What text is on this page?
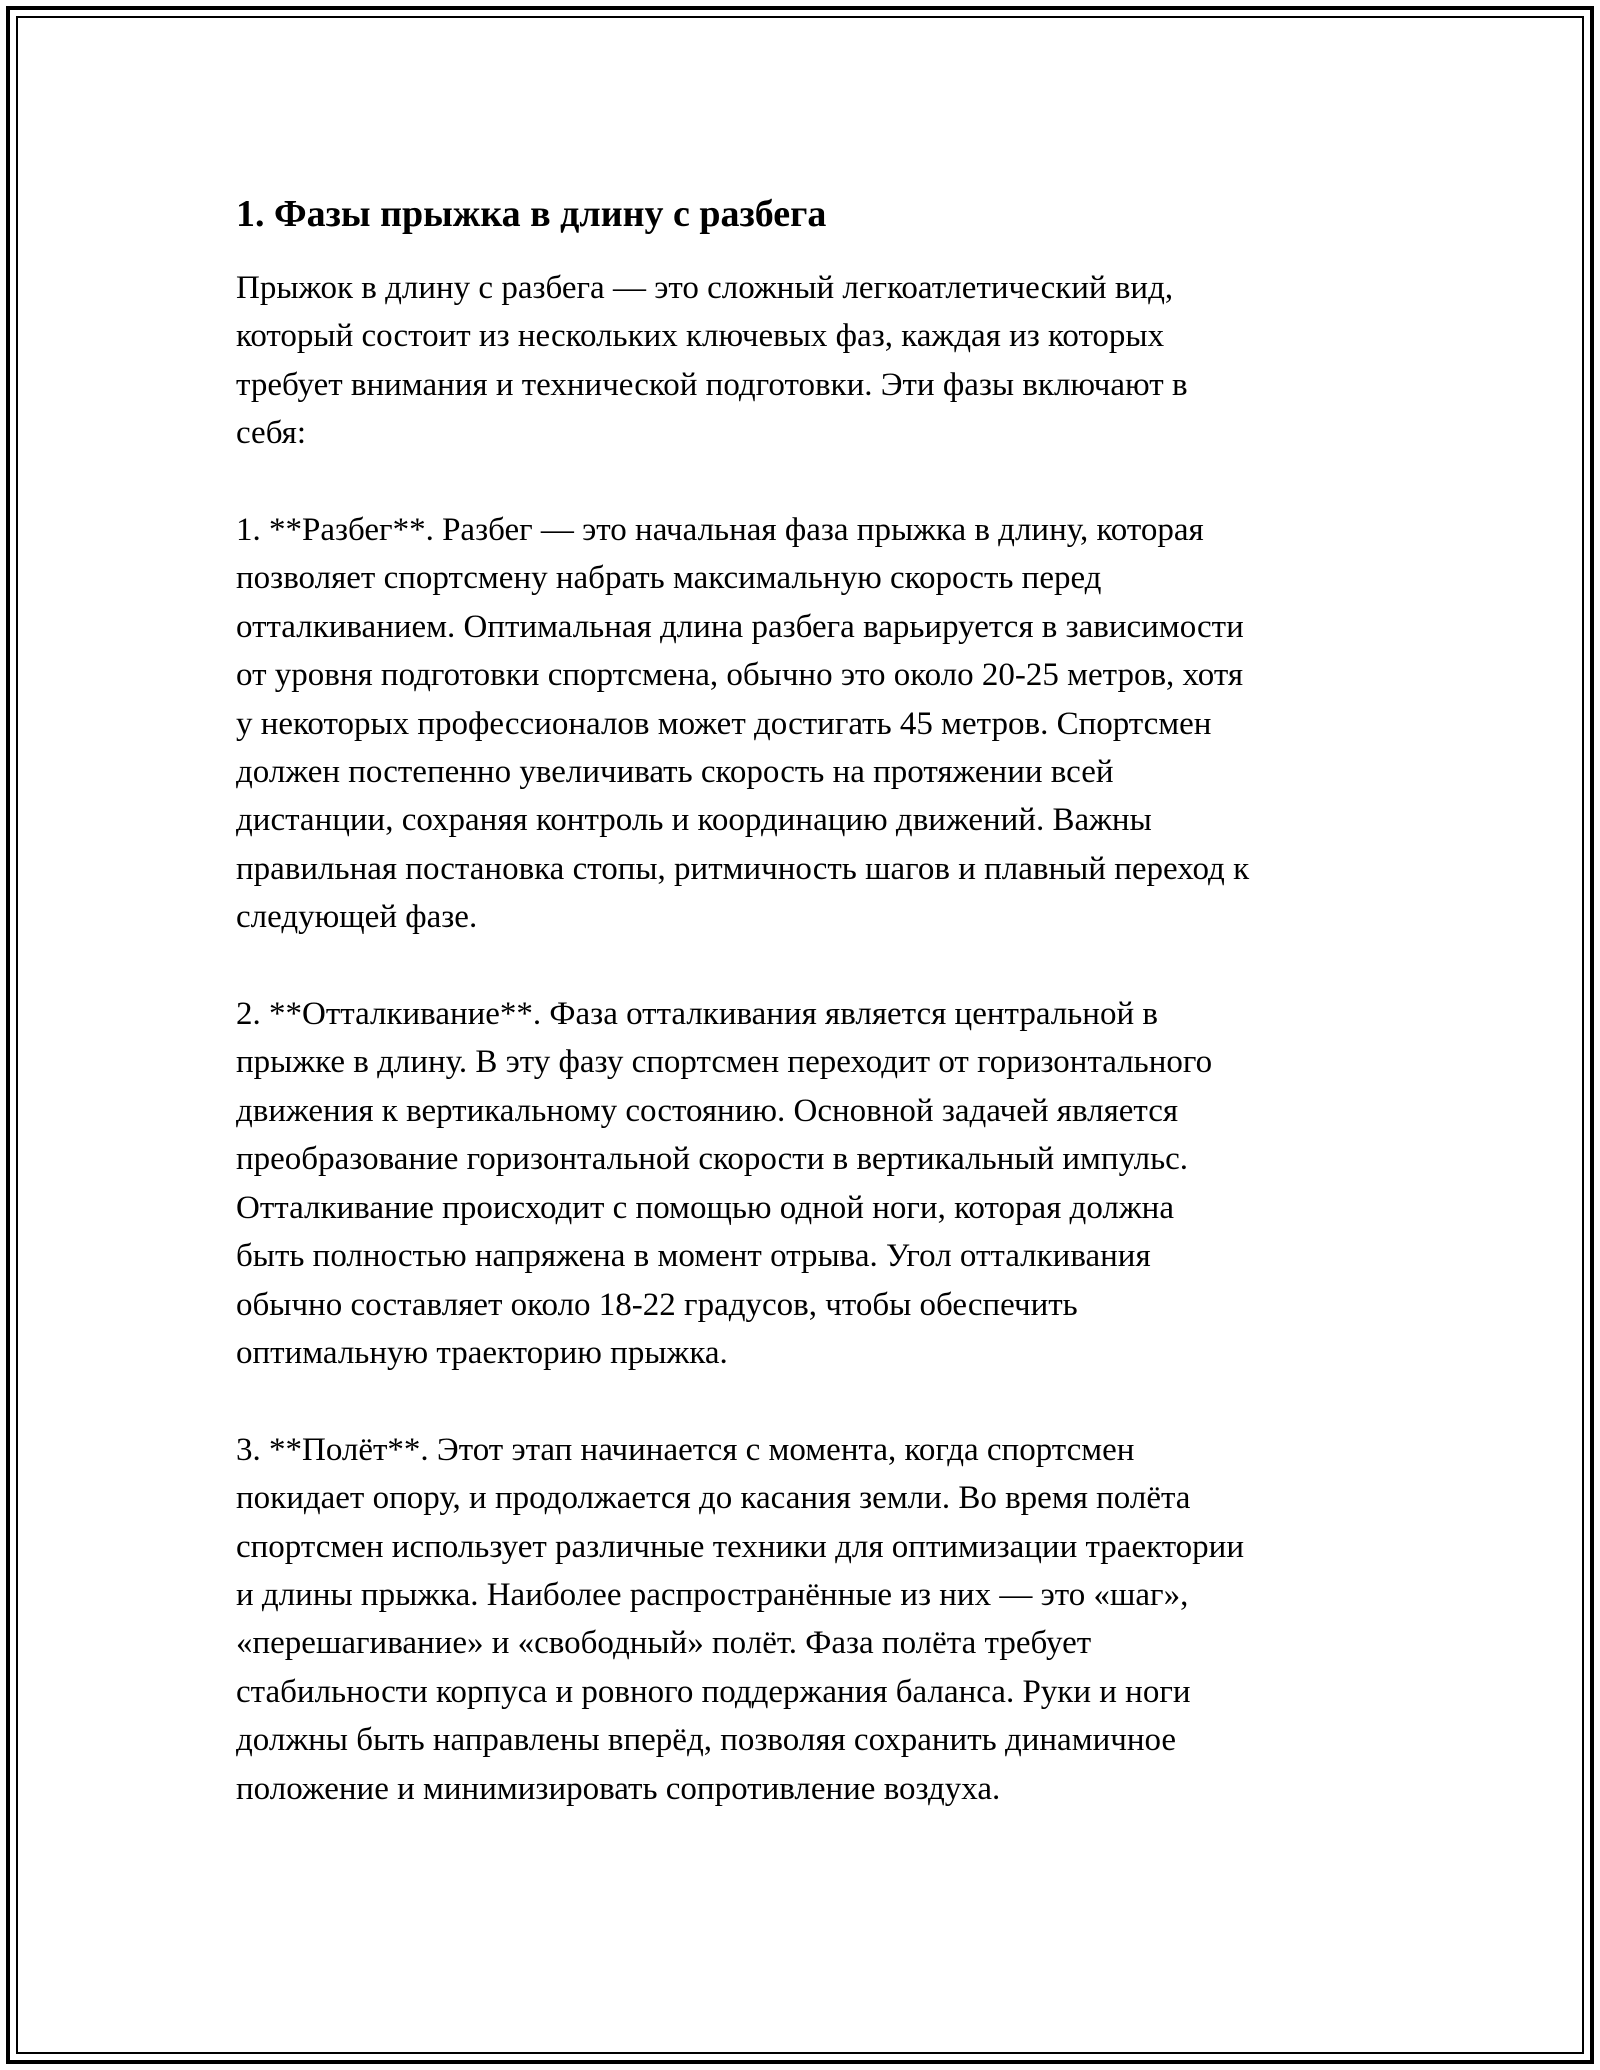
1. Фазы прыжка в длину с разбега

Прыжок в длину с разбега — это сложный легкоатлетический вид,
который состоит из нескольких ключевых фаз, каждая из которых
требует внимания и технической подготовки. Эти фазы включают в
себя:

1. **Разбег**. Разбег — это начальная фаза прыжка в длину, которая
позволяет спортсмену набрать максимальную скорость перед
отталкиванием. Оптимальная длина разбега варьируется в зависимости
от уровня подготовки спортсмена, обычно это около 20-25 метров, хотя
у некоторых профессионалов может достигать 45 метров. Спортсмен
должен постепенно увеличивать скорость на протяжении всей
дистанции, сохраняя контроль и координацию движений. Важны
правильная постановка стопы, ритмичность шагов и плавный переход к
следующей фазе.

2. **Отталкивание**. Фаза отталкивания является центральной в
прыжке в длину. В эту фазу спортсмен переходит от горизонтального
движения к вертикальному состоянию. Основной задачей является
преобразование горизонтальной скорости в вертикальный импульс.
Отталкивание происходит с помощью одной ноги, которая должна
быть полностью напряжена в момент отрыва. Угол отталкивания
обычно составляет около 18-22 градусов, чтобы обеспечить
оптимальную траекторию прыжка.

3. **Полёт**. Этот этап начинается с момента, когда спортсмен
покидает опору, и продолжается до касания земли. Во время полёта
спортсмен использует различные техники для оптимизации траектории
и длины прыжка. Наиболее распространённые из них — это «шаг»,
«перешагивание» и «свободный» полёт. Фаза полёта требует
стабильности корпуса и ровного поддержания баланса. Руки и ноги
должны быть направлены вперёд, позволяя сохранить динамичное
положение и минимизировать сопротивление воздуха.
